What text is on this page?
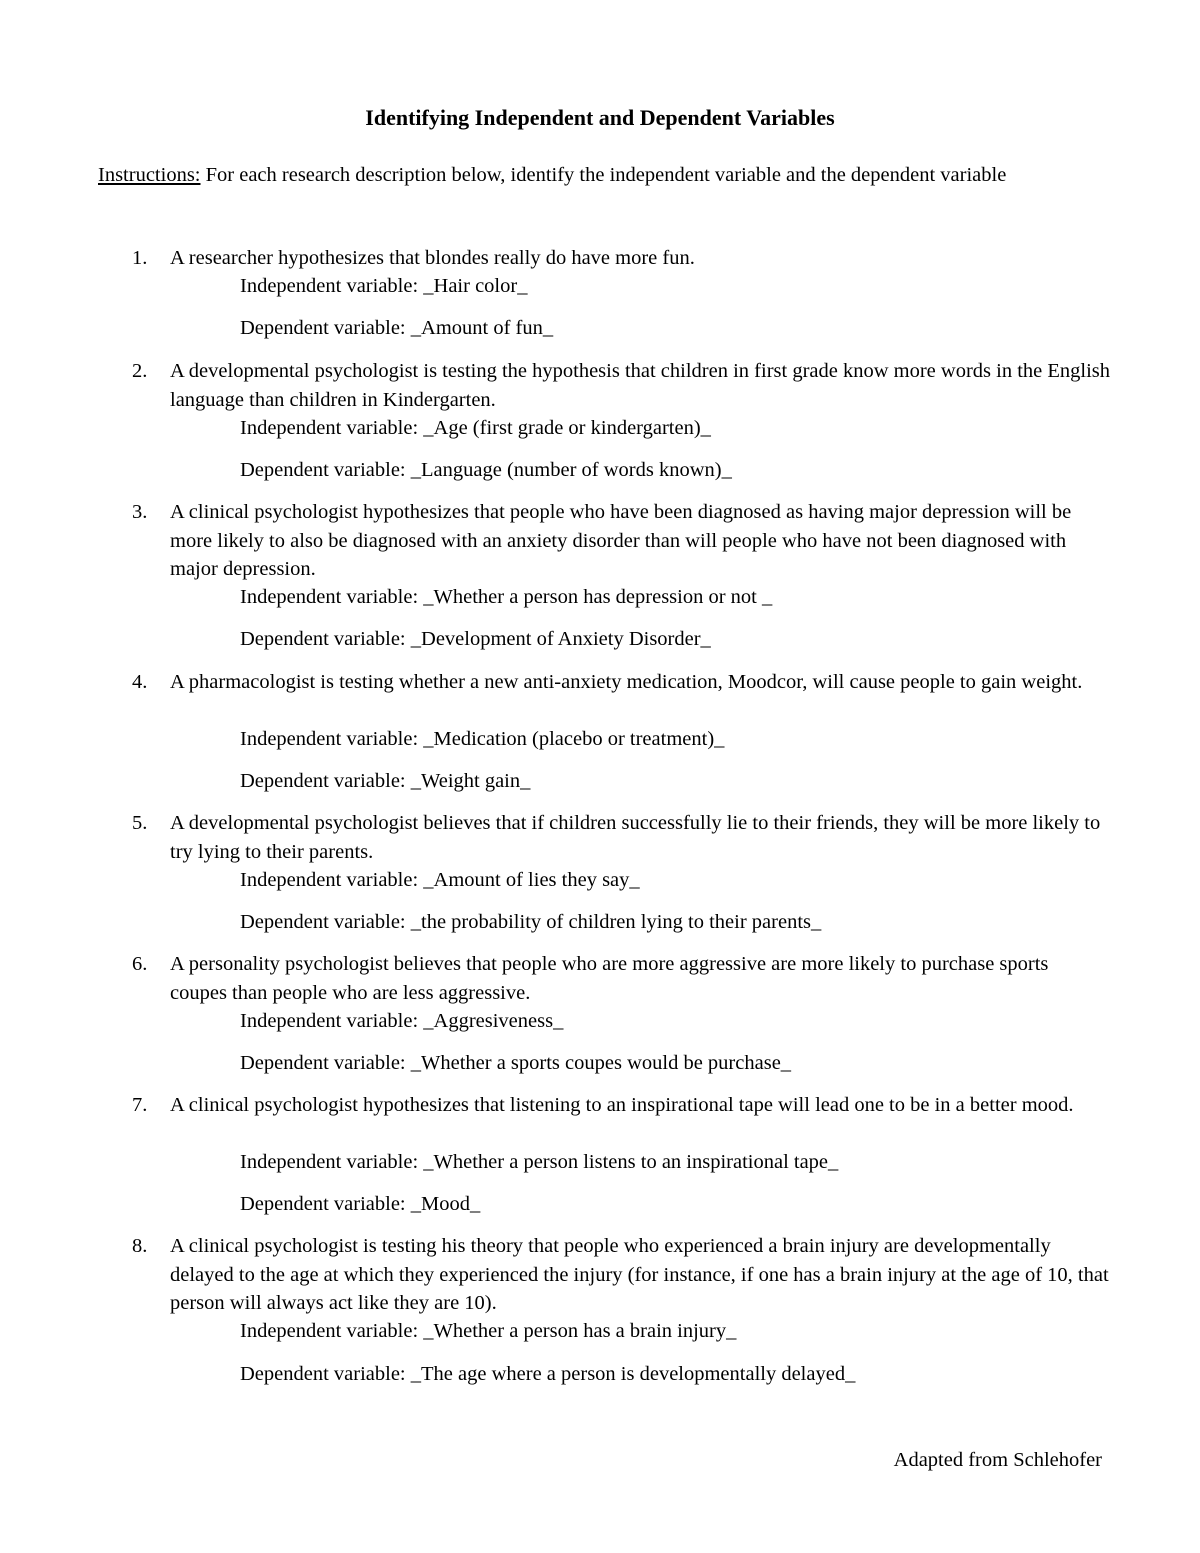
Identifying Independent and Dependent Variables
Instructions: For each research description below, identify the independent variable and the dependent variable
1. A researcher hypothesizes that blondes really do have more fun.
Independent variable: _Hair color_
Dependent variable: _Amount of fun_
2. A developmental psychologist is testing the hypothesis that children in first grade know more words in the English language than children in Kindergarten.
Independent variable: _Age (first grade or kindergarten)_
Dependent variable: _Language (number of words known)_
3. A clinical psychologist hypothesizes that people who have been diagnosed as having major depression will be more likely to also be diagnosed with an anxiety disorder than will people who have not been diagnosed with major depression.
Independent variable: _Whether a person has depression or not _
Dependent variable: _Development of Anxiety Disorder_
4. A pharmacologist is testing whether a new anti-anxiety medication, Moodcor, will cause people to gain weight.
Independent variable: _Medication (placebo or treatment)_
Dependent variable: _Weight gain_
5. A developmental psychologist believes that if children successfully lie to their friends, they will be more likely to try lying to their parents.
Independent variable: _Amount of lies they say_
Dependent variable: _the probability of children lying to their parents_
6. A personality psychologist believes that people who are more aggressive are more likely to purchase sports coupes than people who are less aggressive.
Independent variable: _Aggresiveness_
Dependent variable: _Whether a sports coupes would be purchase_
7. A clinical psychologist hypothesizes that listening to an inspirational tape will lead one to be in a better mood.
Independent variable: _Whether a person listens to an inspirational tape_
Dependent variable: _Mood_
8. A clinical psychologist is testing his theory that people who experienced a brain injury are developmentally delayed to the age at which they experienced the injury (for instance, if one has a brain injury at the age of 10, that person will always act like they are 10).
Independent variable: _Whether a person has a brain injury_
Dependent variable: _The age where a person is developmentally delayed_
Adapted from Schlehofer
